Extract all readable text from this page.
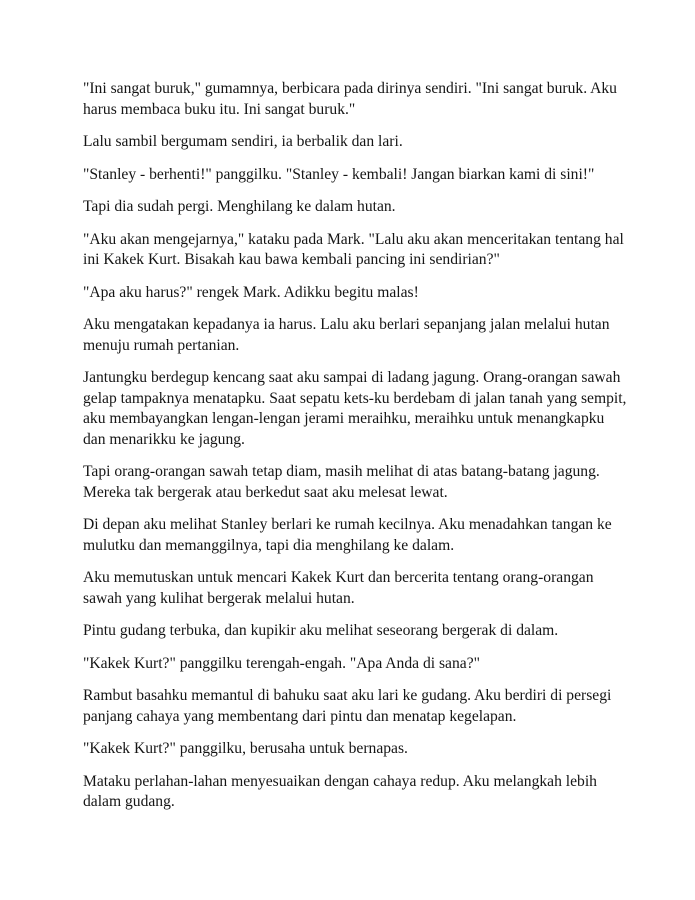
"Ini sangat buruk," gumamnya, berbicara pada dirinya sendiri. "Ini sangat buruk. Aku harus membaca buku itu. Ini sangat buruk."

Lalu sambil bergumam sendiri, ia berbalik dan lari.

"Stanley - berhenti!" panggilku. "Stanley - kembali! Jangan biarkan kami di sini!"

Tapi dia sudah pergi. Menghilang ke dalam hutan.

"Aku akan mengejarnya," kataku pada Mark. "Lalu aku akan menceritakan tentang hal ini Kakek Kurt. Bisakah kau bawa kembali pancing ini sendirian?"

"Apa aku harus?" rengek Mark. Adikku begitu malas!

Aku mengatakan kepadanya ia harus. Lalu aku berlari sepanjang jalan melalui hutan menuju rumah pertanian.

Jantungku berdegup kencang saat aku sampai di ladang jagung. Orang-orangan sawah gelap tampaknya menatapku. Saat sepatu kets-ku berdebam di jalan tanah yang sempit, aku membayangkan lengan-lengan jerami meraihku, meraihku untuk menangkapku dan menarikku ke jagung.

Tapi orang-orangan sawah tetap diam, masih melihat di atas batang-batang jagung. Mereka tak bergerak atau berkedut saat aku melesat lewat.

Di depan aku melihat Stanley berlari ke rumah kecilnya. Aku menadahkan tangan ke mulutku dan memanggilnya, tapi dia menghilang ke dalam.

Aku memutuskan untuk mencari Kakek Kurt dan bercerita tentang orang-orangan sawah yang kulihat bergerak melalui hutan.

Pintu gudang terbuka, dan kupikir aku melihat seseorang bergerak di dalam.

"Kakek Kurt?" panggilku terengah-engah. "Apa Anda di sana?"

Rambut basahku memantul di bahuku saat aku lari ke gudang. Aku berdiri di persegi panjang cahaya yang membentang dari pintu dan menatap kegelapan.

"Kakek Kurt?" panggilku, berusaha untuk bernapas.

Mataku perlahan-lahan menyesuaikan dengan cahaya redup. Aku melangkah lebih dalam gudang.
